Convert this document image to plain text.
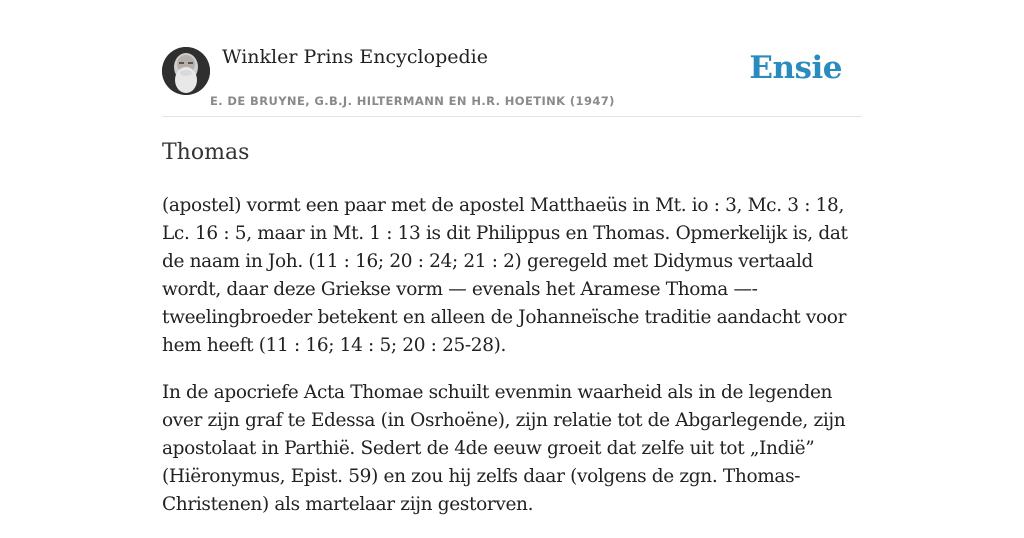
Winkler Prins Encyclopedie
E. DE BRUYNE, G.B.J. HILTERMANN EN H.R. HOETINK (1947)
Ensie
Thomas

(apostel) vormt een paar met de apostel Matthaeüs in Mt. io : 3, Mc. 3 : 18, Lc. 16 : 5, maar in Mt. 1 : 13 is dit Philippus en Thomas. Opmerkelijk is, dat de naam in Joh. (11 : 16; 20 : 24; 21 : 2) geregeld met Didymus vertaald wordt, daar deze Griekse vorm — evenals het Aramese Thoma —- tweelingbroeder betekent en alleen de Johanneïsche traditie aandacht voor hem heeft (11 : 16; 14 : 5; 20 : 25-28).

In de apocriefe Acta Thomae schuilt evenmin waarheid als in de legenden over zijn graf te Edessa (in Osrhoëne), zijn relatie tot de Abgarlegende, zijn apostolaat in Parthië. Sedert de 4de eeuw groeit dat zelfe uit tot „Indië” (Hiëronymus, Epist. 59) en zou hij zelfs daar (volgens de zgn. Thomas-Christenen) als martelaar zijn gestorven.
